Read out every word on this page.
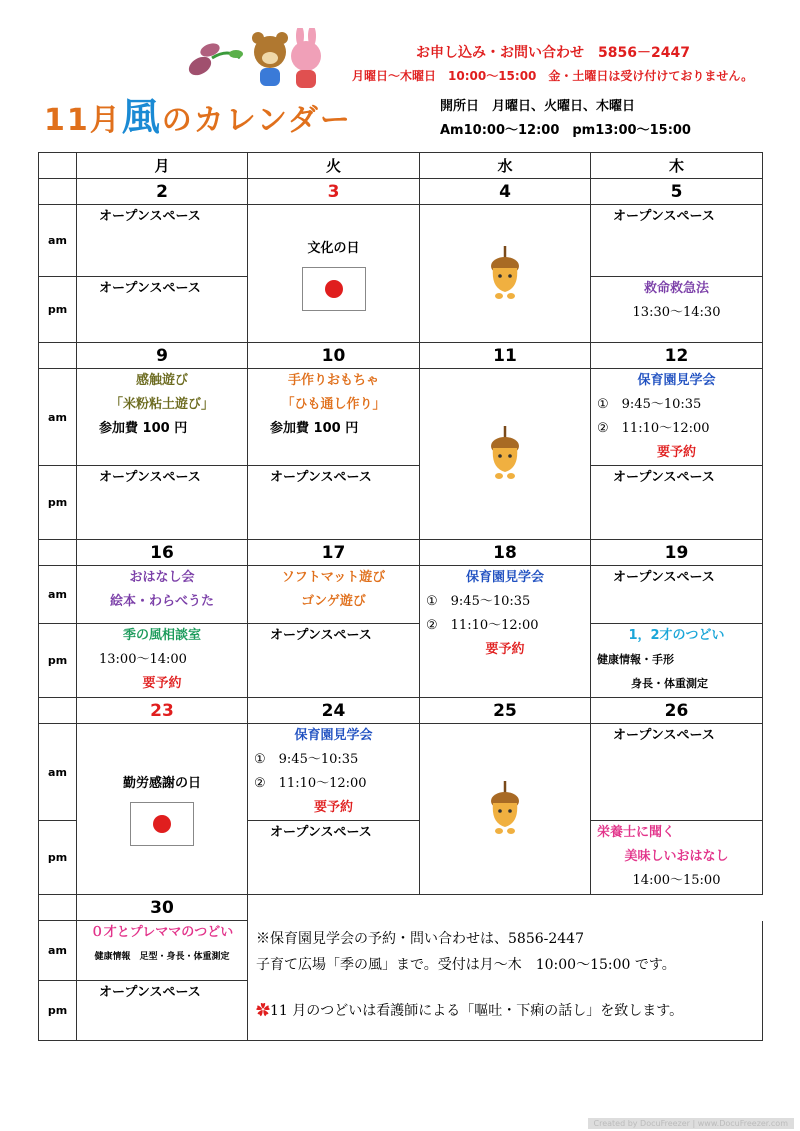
11月風のカレンダー
お申し込み・お問い合わせ　5856－2447
月曜日～木曜日　10:00～15:00　金・土曜日は受け付けておりません。
開所日　月曜日、火曜日、木曜日
Am10:00～12:00　pm13:00～15:00
	月	火	水	木
	2	3	4	5
am	オープンスペース	文化の日		オープンスペース

pm	オープンスペース			救命救急法
13:30～14:30

	9	10	11	12
am	感触遊び
「米粉粘土遊び」
参加費 100 円	手作りおもちゃ
「ひも通し作り」
参加費 100 円		保育園見学会
①　9:45～10:35
②　11:10～12:00
要予約

pm	オープンスペース	オープンスペース		オープンスペース

	16	17	18	19
am	おはなし会
絵本・わらべうた	ソフトマット遊び
ゴンゲ遊び	保育園見学会
①　9:45～10:35
②　11:10～12:00
要予約	オープンスペース

pm	季の風相談室
13:00～14:00
要予約	オープンスペース		1，2才のつどい
健康情報・手形
身長・体重測定

	23	24	25	26
am	勤労感謝の日	保育園見学会
①　9:45～10:35
②　11:10～12:00
要予約		オープンスペース

pm		オープンスペース		栄養士に聞く
美味しいおはなし
14:00～15:00

	30			
am	０才とプレママのつどい
健康情報　足型・身長・体重測定			

pm	オープンスペース			
※保育園見学会の予約・問い合わせは、5856-2447
子育て広場「季の風」まで。受付は月～木　10:00～15:00 です。
✿11 月のつどいは看護師による「嘔吐・下痢の話し」を致します。
Created by DocuFreezer | www.DocuFreezer.com
